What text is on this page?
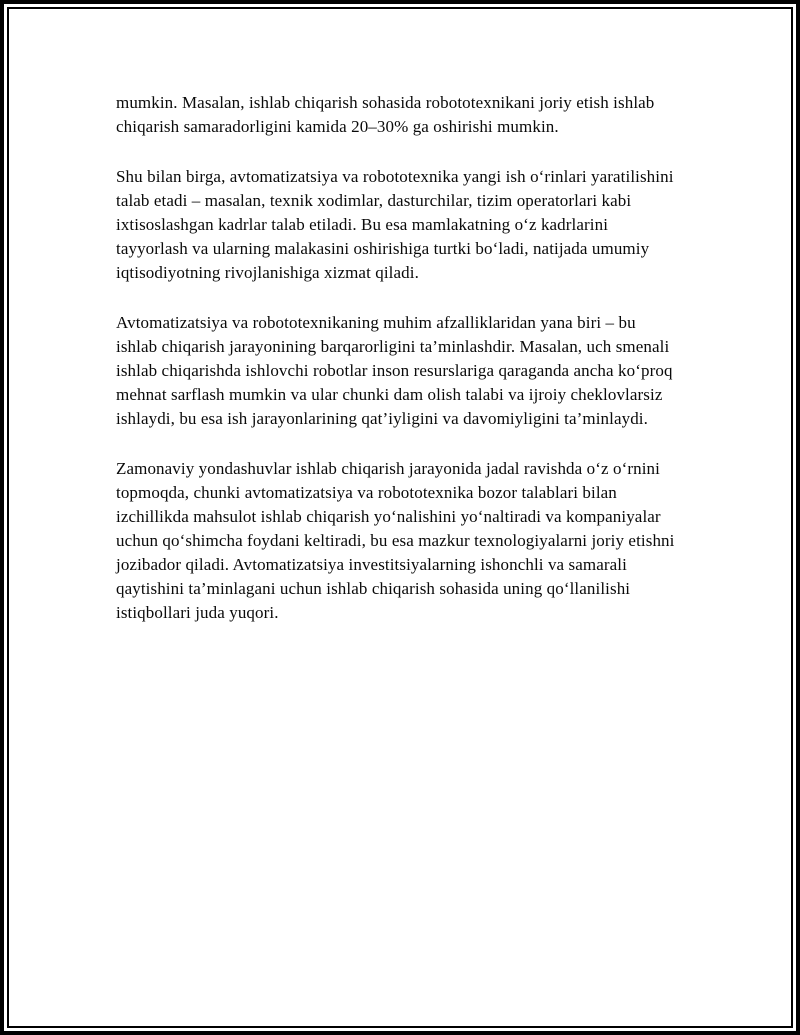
mumkin. Masalan, ishlab chiqarish sohasida robototexnikani joriy etish ishlab chiqarish samaradorligini kamida 20–30% ga oshirishi mumkin.

Shu bilan birga, avtomatizatsiya va robototexnika yangi ish o‘rinlari yaratilishini talab etadi – masalan, texnik xodimlar, dasturchilar, tizim operatorlari kabi ixtisoslashgan kadrlar talab etiladi. Bu esa mamlakatning o‘z kadrlarini tayyorlash va ularning malakasini oshirishiga turtki bo‘ladi, natijada umumiy iqtisodiyotning rivojlanishiga xizmat qiladi.

Avtomatizatsiya va robototexnikaning muhim afzalliklaridan yana biri – bu ishlab chiqarish jarayonining barqarorligini ta’minlashdir. Masalan, uch smenali ishlab chiqarishda ishlovchi robotlar inson resurslariga qaraganda ancha ko‘proq mehnat sarflash mumkin va ular chunki dam olish talabi va ijroiy cheklovlarsiz ishlaydi, bu esa ish jarayonlarining qat’iyligini va davomiyligini ta’minlaydi.

Zamonaviy yondashuvlar ishlab chiqarish jarayonida jadal ravishda o‘z o‘rnini topmoqda, chunki avtomatizatsiya va robototexnika bozor talablari bilan izchillikda mahsulot ishlab chiqarish yo‘nalishini yo‘naltiradi va kompaniyalar uchun qo‘shimcha foydani keltiradi, bu esa mazkur texnologiyalarni joriy etishni jozibador qiladi. Avtomatizatsiya investitsiyalarning ishonchli va samarali qaytishini ta’minlagani uchun ishlab chiqarish sohasida uning qo‘llanilishi istiqbollari juda yuqori.
